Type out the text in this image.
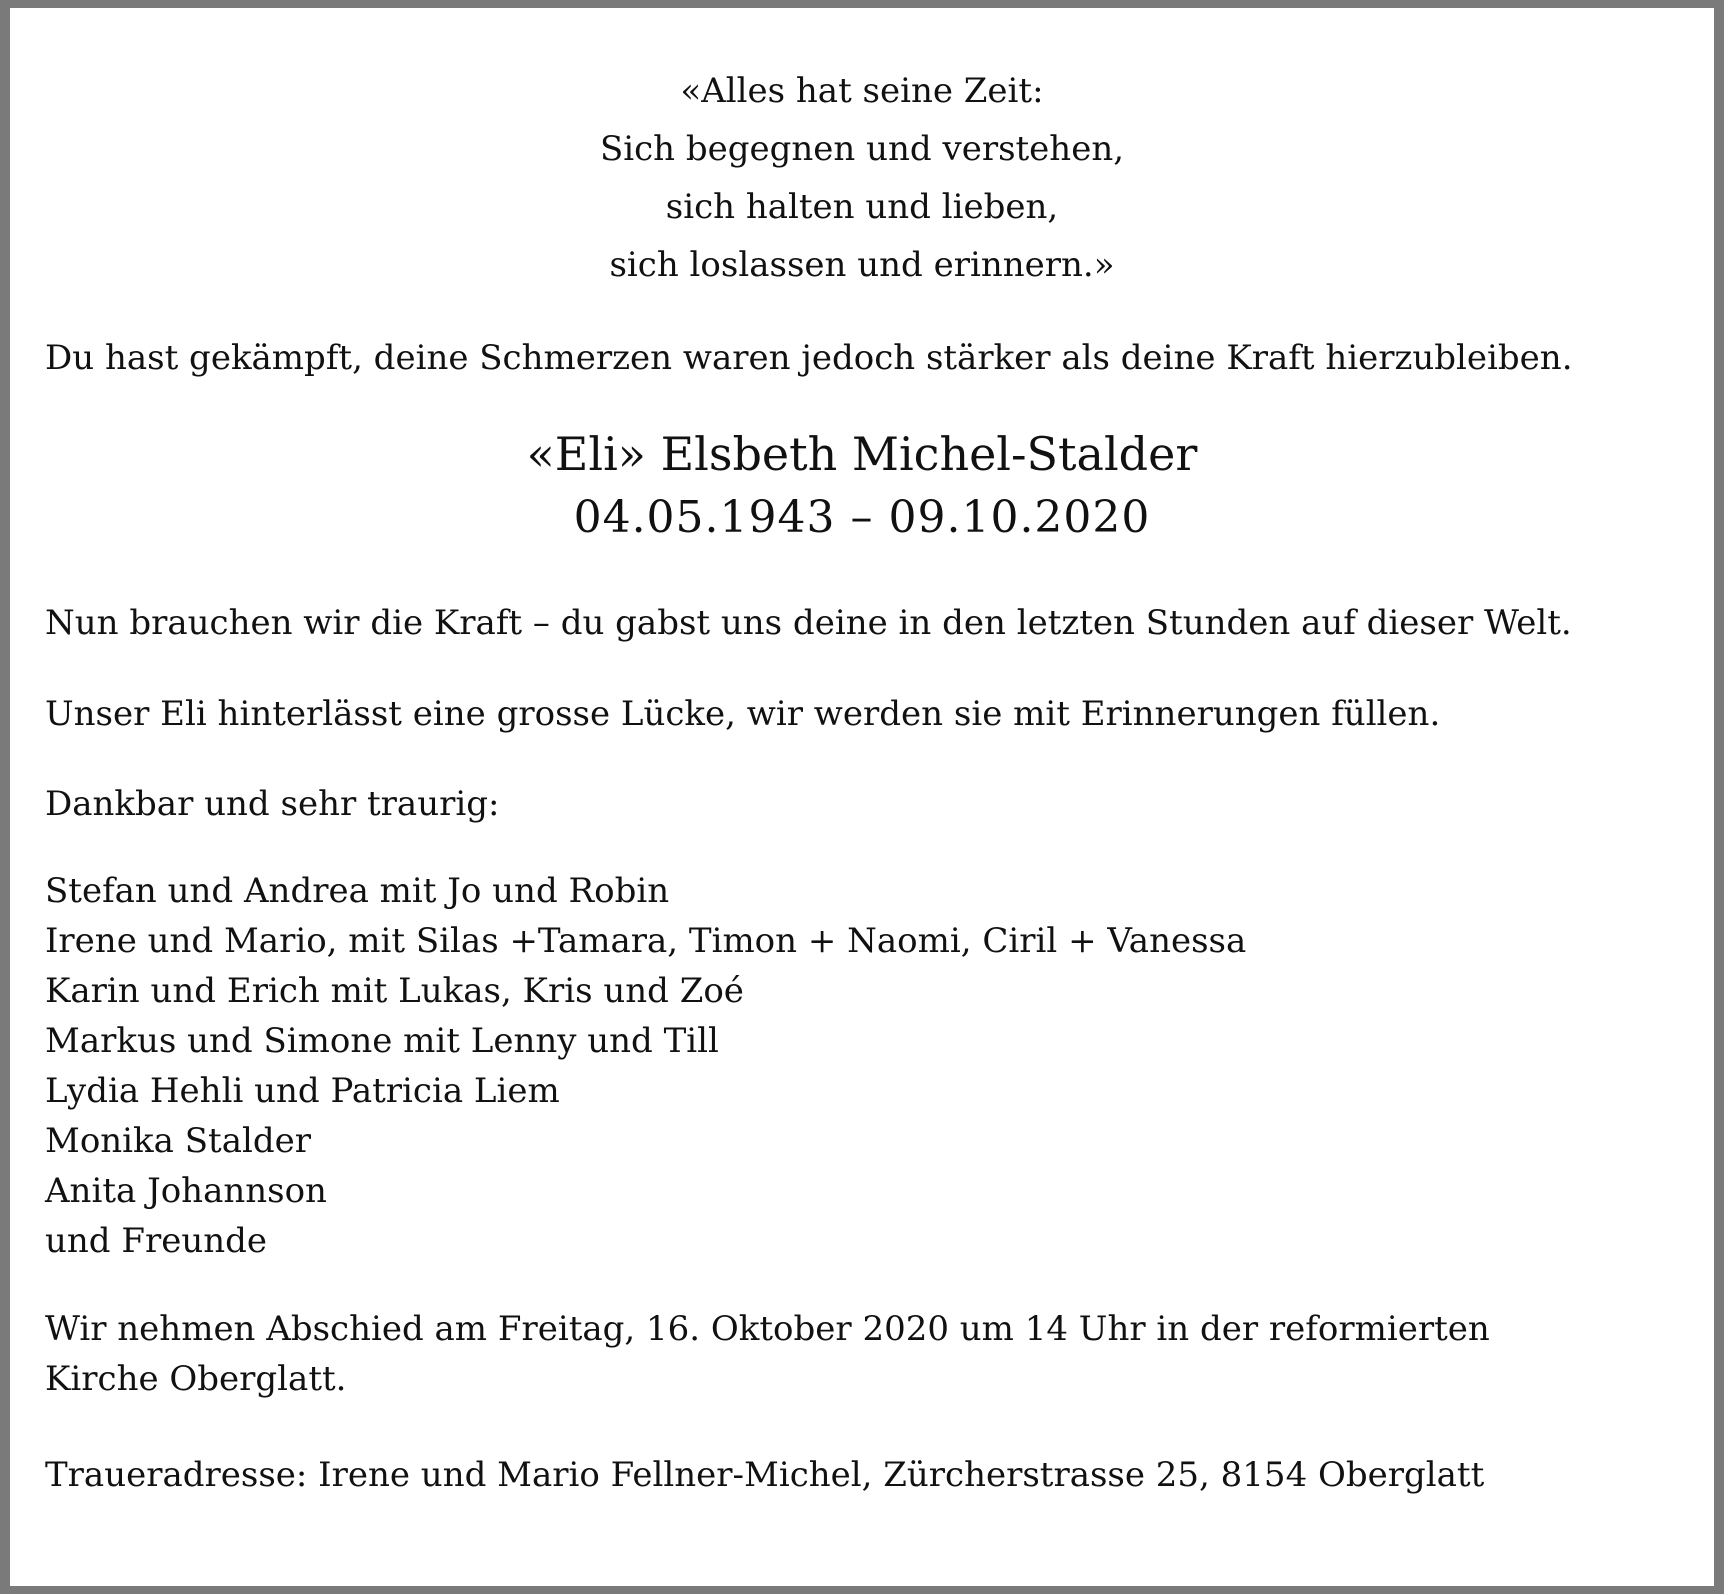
«Alles hat seine Zeit:
Sich begegnen und verstehen,
sich halten und lieben,
sich loslassen und erinnern.»
Du hast gekämpft, deine Schmerzen waren jedoch stärker als deine Kraft hierzubleiben.
«Eli» Elsbeth Michel-Stalder
04.05.1943 – 09.10.2020
Nun brauchen wir die Kraft – du gabst uns deine in den letzten Stunden auf dieser Welt.
Unser Eli hinterlässt eine grosse Lücke, wir werden sie mit Erinnerungen füllen.
Dankbar und sehr traurig:
Stefan und Andrea mit Jo und Robin
Irene und Mario, mit Silas +Tamara, Timon + Naomi, Ciril + Vanessa
Karin und Erich mit Lukas, Kris und Zoé
Markus und Simone mit Lenny und Till
Lydia Hehli und Patricia Liem
Monika Stalder
Anita Johannson
und Freunde
Wir nehmen Abschied am Freitag, 16. Oktober 2020 um 14 Uhr in der reformierten
Kirche Oberglatt.
Traueradresse: Irene und Mario Fellner-Michel, Zürcherstrasse 25, 8154 Oberglatt
